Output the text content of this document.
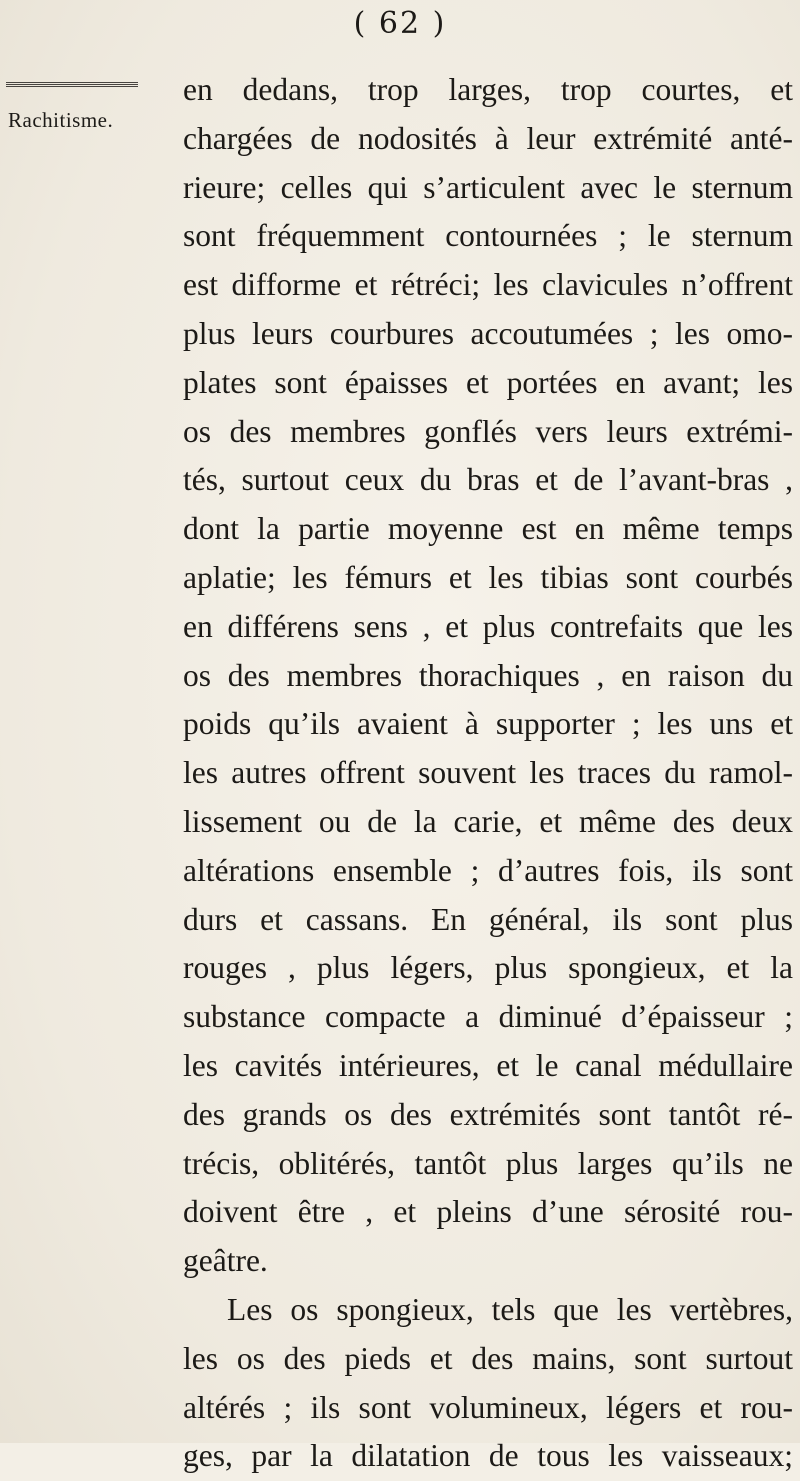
( 62 )
Rachitisme.
en dedans, trop larges, trop courtes, et
chargées de nodosités à leur extrémité anté-
rieure; celles qui s’articulent avec le sternum
sont fréquemment contournées ; le sternum
est difforme et rétréci; les clavicules n’offrent
plus leurs courbures accoutumées ; les omo-
plates sont épaisses et portées en avant; les
os des membres gonflés vers leurs extrémi-
tés, surtout ceux du bras et de l’avant-bras ,
dont la partie moyenne est en même temps
aplatie; les fémurs et les tibias sont courbés
en différens sens , et plus contrefaits que les
os des membres thorachiques , en raison du
poids qu’ils avaient à supporter ; les uns et
les autres offrent souvent les traces du ramol-
lissement ou de la carie, et même des deux
altérations ensemble ; d’autres fois, ils sont
durs et cassans. En général, ils sont plus
rouges , plus légers, plus spongieux, et la
substance compacte a diminué d’épaisseur ;
les cavités intérieures, et le canal médullaire
des grands os des extrémités sont tantôt ré-
trécis, oblitérés, tantôt plus larges qu’ils ne
doivent être , et pleins d’une sérosité rou-
geâtre.
Les os spongieux, tels que les vertèbres,
les os des pieds et des mains, sont surtout
altérés ; ils sont volumineux, légers et rou-
ges, par la dilatation de tous les vaisseaux;
